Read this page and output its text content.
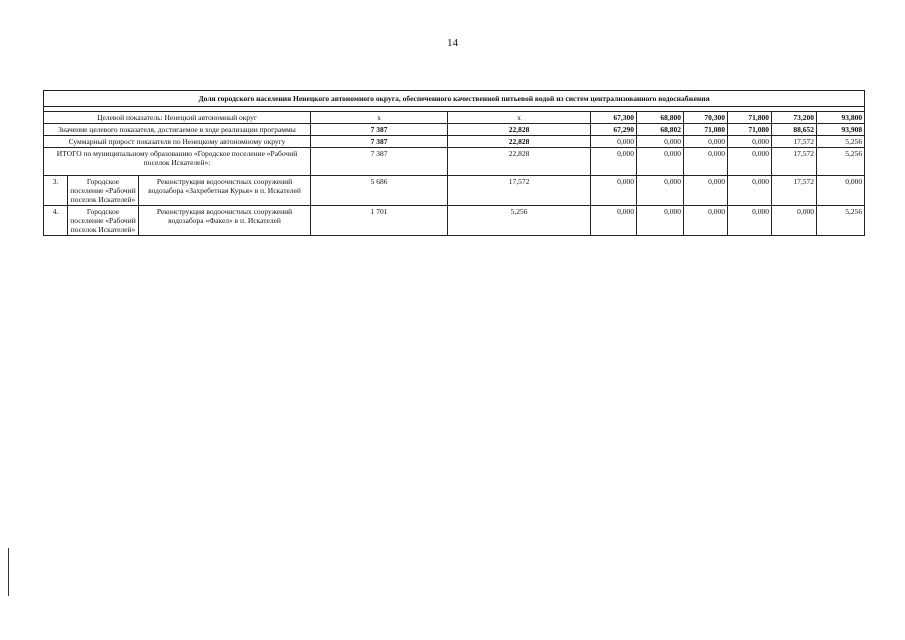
14
Доля городского населения Ненецкого автономного округа, обеспеченного качественной питьевой водой из систем централизованного водоснабжения										

Целевой показатель: Ненецкий автономный округ			x	x	67,300	68,800	70,300	71,800	73,200	93,800
Значение целевого показателя, достигаемое в ходе реализации программы			7 387	22,828	67,290	68,802	71,080	71,080	88,652	93,908
Суммарный прирост показателя по Ненецкому автономному округу			7 387	22,828	0,000	0,000	0,000	0,000	17,572	5,256
ИТОГО по муниципальному образованию «Городское поселение «Рабочий поселок Искателей»:			7 387	22,828	0,000	0,000	0,000	0,000	17,572	5,256
3.	Городское поселение «Рабочий поселок Искателей»	Реконструкция водоочистных сооружений водозабора «Захребетная Курья» в п. Искателей	5 686	17,572	0,000	0,000	0,000	0,000	17,572	0,000
4.	Городское поселение «Рабочий поселок Искателей»	Реконструкция водоочистных сооружений водозабора «Факел» в п. Искателей	1 701	5,256	0,000	0,000	0,000	0,000	0,000	5,256
